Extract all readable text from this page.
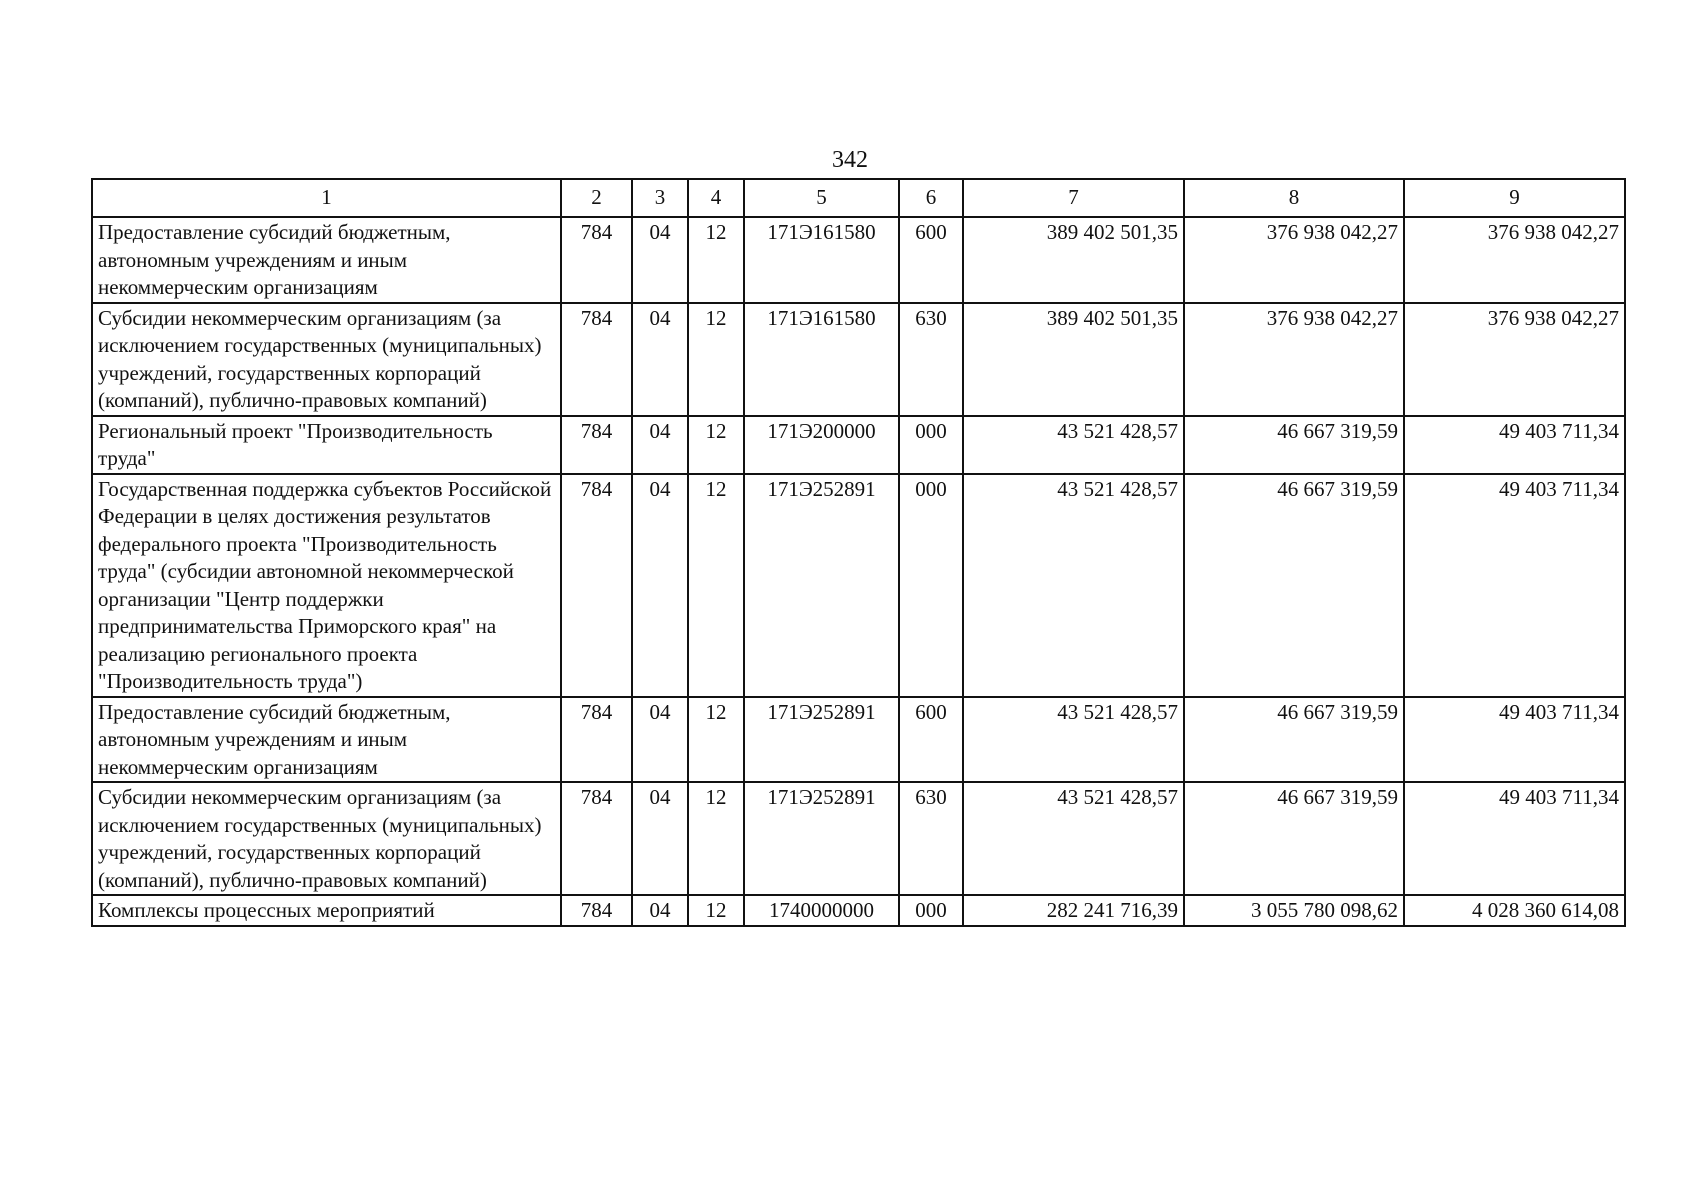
342
1	2	3	4	5	6	7	8	9
Предоставление субсидий бюджетным, автономным учреждениям и иным некоммерческим организациям	784	04	12	171Э161580	600	389 402 501,35	376 938 042,27	376 938 042,27
Субсидии некоммерческим организациям (за исключением государственных (муниципальных) учреждений, государственных корпораций (компаний), публично-правовых компаний)	784	04	12	171Э161580	630	389 402 501,35	376 938 042,27	376 938 042,27
Региональный проект "Производительность труда"	784	04	12	171Э200000	000	43 521 428,57	46 667 319,59	49 403 711,34
Государственная поддержка субъектов Российской Федерации в целях достижения результатов федерального проекта "Производительность труда" (субсидии автономной некоммерческой организации "Центр поддержки предпринимательства Приморского края" на реализацию регионального проекта "Производительность труда")	784	04	12	171Э252891	000	43 521 428,57	46 667 319,59	49 403 711,34
Предоставление субсидий бюджетным, автономным учреждениям и иным некоммерческим организациям	784	04	12	171Э252891	600	43 521 428,57	46 667 319,59	49 403 711,34
Субсидии некоммерческим организациям (за исключением государственных (муниципальных) учреждений, государственных корпораций (компаний), публично-правовых компаний)	784	04	12	171Э252891	630	43 521 428,57	46 667 319,59	49 403 711,34
Комплексы процессных мероприятий	784	04	12	1740000000	000	282 241 716,39	3 055 780 098,62	4 028 360 614,08
